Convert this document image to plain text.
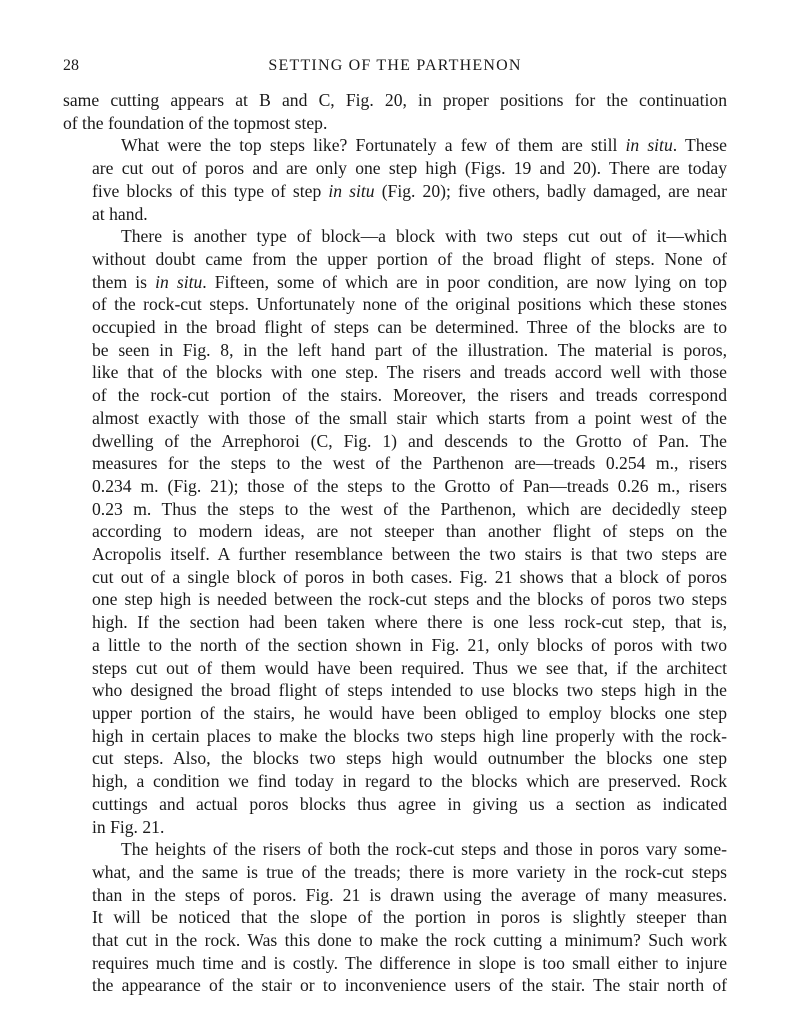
28	SETTING OF THE PARTHENON
same cutting appears at B and C, Fig. 20, in proper positions for the continuation
of the foundation of the topmost step.
What were the top steps like? Fortunately a few of them are still in situ. These
are cut out of poros and are only one step high (Figs. 19 and 20). There are today
five blocks of this type of step in situ (Fig. 20); five others, badly damaged, are near
at hand.
There is another type of block—a block with two steps cut out of it—which
without doubt came from the upper portion of the broad flight of steps. None of
them is in situ. Fifteen, some of which are in poor condition, are now lying on top
of the rock-cut steps. Unfortunately none of the original positions which these stones
occupied in the broad flight of steps can be determined. Three of the blocks are to
be seen in Fig. 8, in the left hand part of the illustration. The material is poros,
like that of the blocks with one step. The risers and treads accord well with those
of the rock-cut portion of the stairs. Moreover, the risers and treads correspond
almost exactly with those of the small stair which starts from a point west of the
dwelling of the Arrephoroi (C, Fig. 1) and descends to the Grotto of Pan. The
measures for the steps to the west of the Parthenon are—treads 0.254 m., risers
0.234 m. (Fig. 21); those of the steps to the Grotto of Pan—treads 0.26 m., risers
0.23 m. Thus the steps to the west of the Parthenon, which are decidedly steep
according to modern ideas, are not steeper than another flight of steps on the
Acropolis itself. A further resemblance between the two stairs is that two steps are
cut out of a single block of poros in both cases. Fig. 21 shows that a block of poros
one step high is needed between the rock-cut steps and the blocks of poros two steps
high. If the section had been taken where there is one less rock-cut step, that is,
a little to the north of the section shown in Fig. 21, only blocks of poros with two
steps cut out of them would have been required. Thus we see that, if the architect
who designed the broad flight of steps intended to use blocks two steps high in the
upper portion of the stairs, he would have been obliged to employ blocks one step
high in certain places to make the blocks two steps high line properly with the rock-
cut steps. Also, the blocks two steps high would outnumber the blocks one step
high, a condition we find today in regard to the blocks which are preserved. Rock
cuttings and actual poros blocks thus agree in giving us a section as indicated
in Fig. 21.
The heights of the risers of both the rock-cut steps and those in poros vary some-
what, and the same is true of the treads; there is more variety in the rock-cut steps
than in the steps of poros. Fig. 21 is drawn using the average of many measures.
It will be noticed that the slope of the portion in poros is slightly steeper than
that cut in the rock. Was this done to make the rock cutting a minimum? Such work
requires much time and is costly. The difference in slope is too small either to injure
the appearance of the stair or to inconvenience users of the stair. The stair north of
